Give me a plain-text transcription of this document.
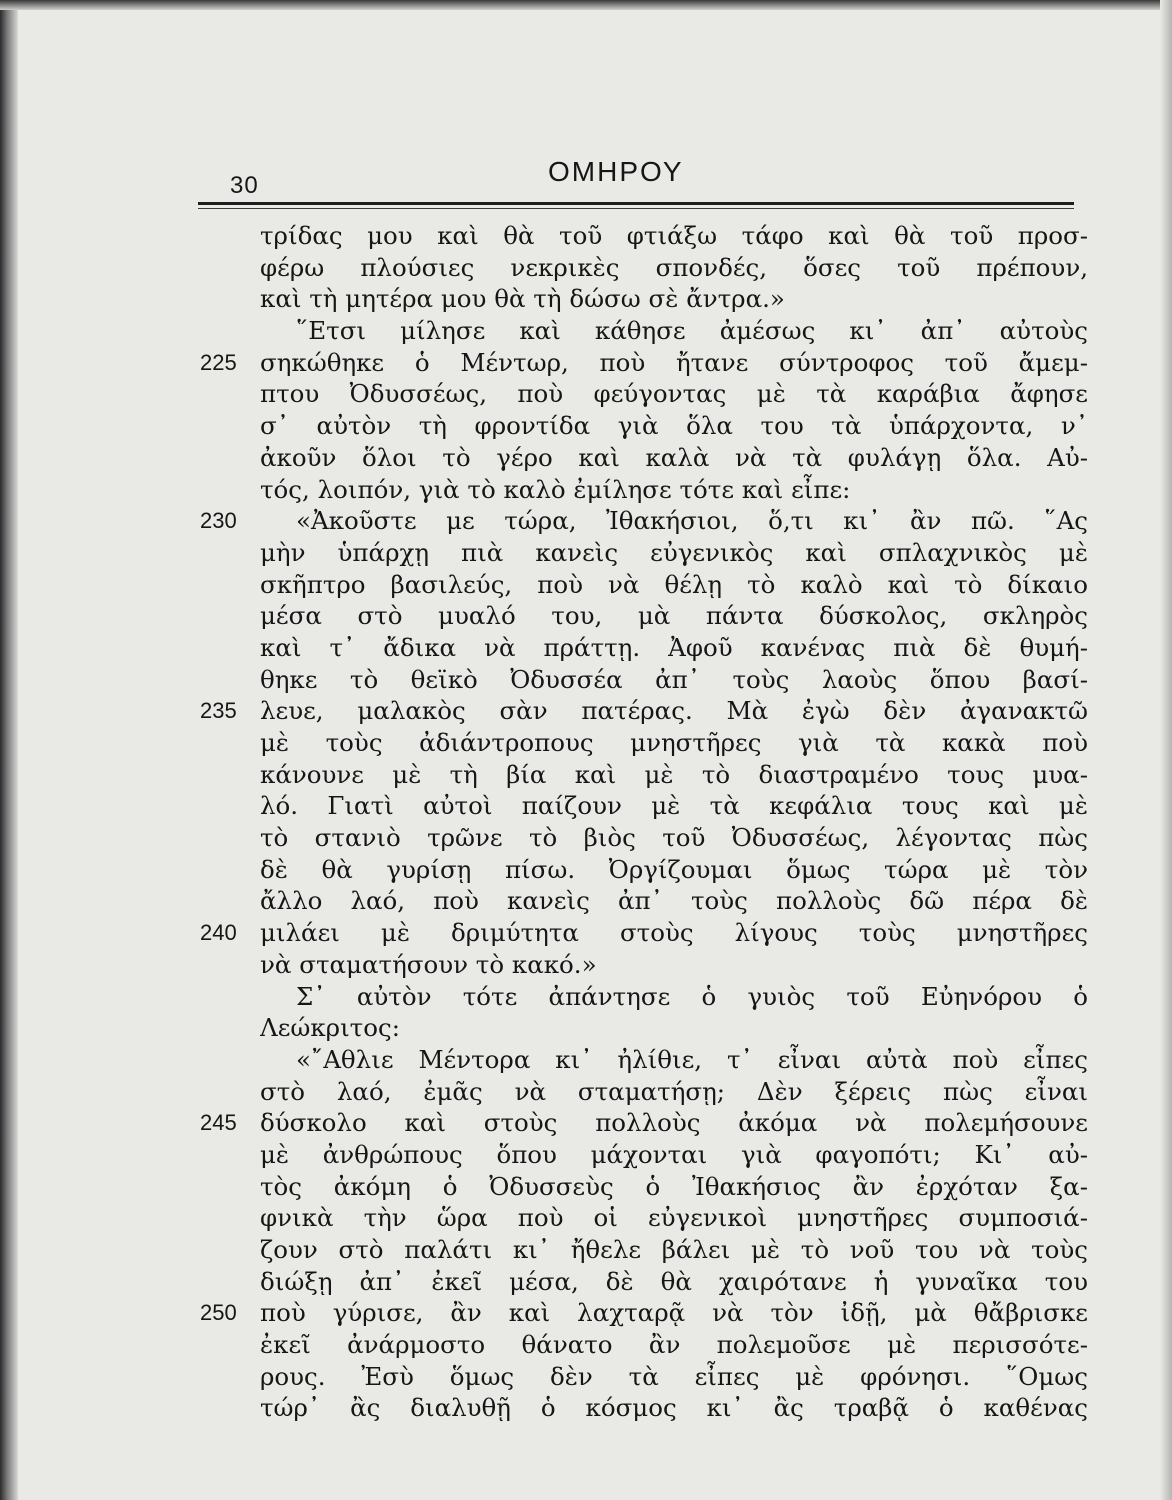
30	ΟΜΗΡΟΥ
τρίδας μου καὶ θὰ τοῦ φτιάξω τάφο καὶ θὰ τοῦ προσ-
φέρω πλούσιες νεκρικὲς σπονδές, ὅσες τοῦ πρέπουν,
καὶ τὴ μητέρα μου θὰ τὴ δώσω σὲ ἄντρα.»
῞Ετσι μίλησε καὶ κάθησε ἀμέσως κι᾽ ἀπ᾽ αὐτοὺς
225 σηκώθηκε ὁ Μέντωρ, ποὺ ἤτανε σύντροφος τοῦ ἄμεμ-
πτου Ὀδυσσέως, ποὺ φεύγοντας μὲ τὰ καράβια ἄφησε
σ᾽ αὐτὸν τὴ φροντίδα γιὰ ὅλα του τὰ ὑπάρχοντα, ν᾽
ἀκοῦν ὅλοι τὸ γέρο καὶ καλὰ νὰ τὰ φυλάγῃ ὅλα. Αὐ-
τός, λοιπόν, γιὰ τὸ καλὸ ἐμίλησε τότε καὶ εἶπε:
230	«Ἀκοῦστε με τώρα, Ἰθακήσιοι, ὅ,τι κι᾽ ἂν πῶ. ῞Ας
μὴν ὑπάρχῃ πιὰ κανεὶς εὐγενικὸς καὶ σπλαχνικὸς μὲ
σκῆπτρο βασιλεύς, ποὺ νὰ θέλῃ τὸ καλὸ καὶ τὸ δίκαιο
μέσα στὸ μυαλό του, μὰ πάντα δύσκολος, σκληρὸς
καὶ τ᾽ ἄδικα νὰ πράττῃ. Ἀφοῦ κανένας πιὰ δὲ θυμή-
θηκε τὸ θεϊκὸ Ὀδυσσέα ἀπ᾽ τοὺς λαοὺς ὅπου βασί-
235 λευε, μαλακὸς σὰν πατέρας. Μὰ ἐγὼ δὲν ἀγανακτῶ
μὲ τοὺς ἀδιάντροπους μνηστῆρες γιὰ τὰ κακὰ ποὺ
κάνουνε μὲ τὴ βία καὶ μὲ τὸ διαστραμένο τους μυα-
λό. Γιατὶ αὐτοὶ παίζουν μὲ τὰ κεφάλια τους καὶ μὲ
τὸ στανιὸ τρῶνε τὸ βιὸς τοῦ Ὀδυσσέως, λέγοντας πὼς
δὲ θὰ γυρίσῃ πίσω. Ὀργίζουμαι ὅμως τώρα μὲ τὸν
ἄλλο λαό, ποὺ κανεὶς ἀπ᾽ τοὺς πολλοὺς δῶ πέρα δὲ
240 μιλάει μὲ δριμύτητα στοὺς λίγους τοὺς μνηστῆρες
νὰ σταματήσουν τὸ κακό.»
Σ᾽ αὐτὸν τότε ἀπάντησε ὁ γυιὸς τοῦ Εὐηνόρου ὁ
Λεώκριτος:
«῎Αθλιε Μέντορα κι᾽ ἠλίθιε, τ᾽ εἶναι αὐτὰ ποὺ εἶπες
στὸ λαό, ἐμᾶς νὰ σταματήσῃ; Δὲν ξέρεις πὼς εἶναι
245 δύσκολο καὶ στοὺς πολλοὺς ἀκόμα νὰ πολεμήσουνε
μὲ ἀνθρώπους ὅπου μάχονται γιὰ φαγοπότι; Κι᾽ αὐ-
τὸς ἀκόμη ὁ Ὀδυσσεὺς ὁ Ἰθακήσιος ἂν ἐρχόταν ξα-
φνικὰ τὴν ὥρα ποὺ οἱ εὐγενικοὶ μνηστῆρες συμποσιά-
ζουν στὸ παλάτι κι᾽ ἤθελε βάλει μὲ τὸ νοῦ του νὰ τοὺς
διώξῃ ἀπ᾽ ἐκεῖ μέσα, δὲ θὰ χαιρότανε ἡ γυναῖκα του
250 ποὺ γύρισε, ἂν καὶ λαχταρᾷ νὰ τὸν ἰδῇ, μὰ θἄβρισκε
ἐκεῖ ἀνάρμοστο θάνατο ἂν πολεμοῦσε μὲ περισσότε-
ρους. Ἐσὺ ὅμως δὲν τὰ εἶπες μὲ φρόνησι. ῞Ομως
τώρ᾽ ἂς διαλυθῇ ὁ κόσμος κι᾽ ἂς τραβᾷ ὁ καθένας
